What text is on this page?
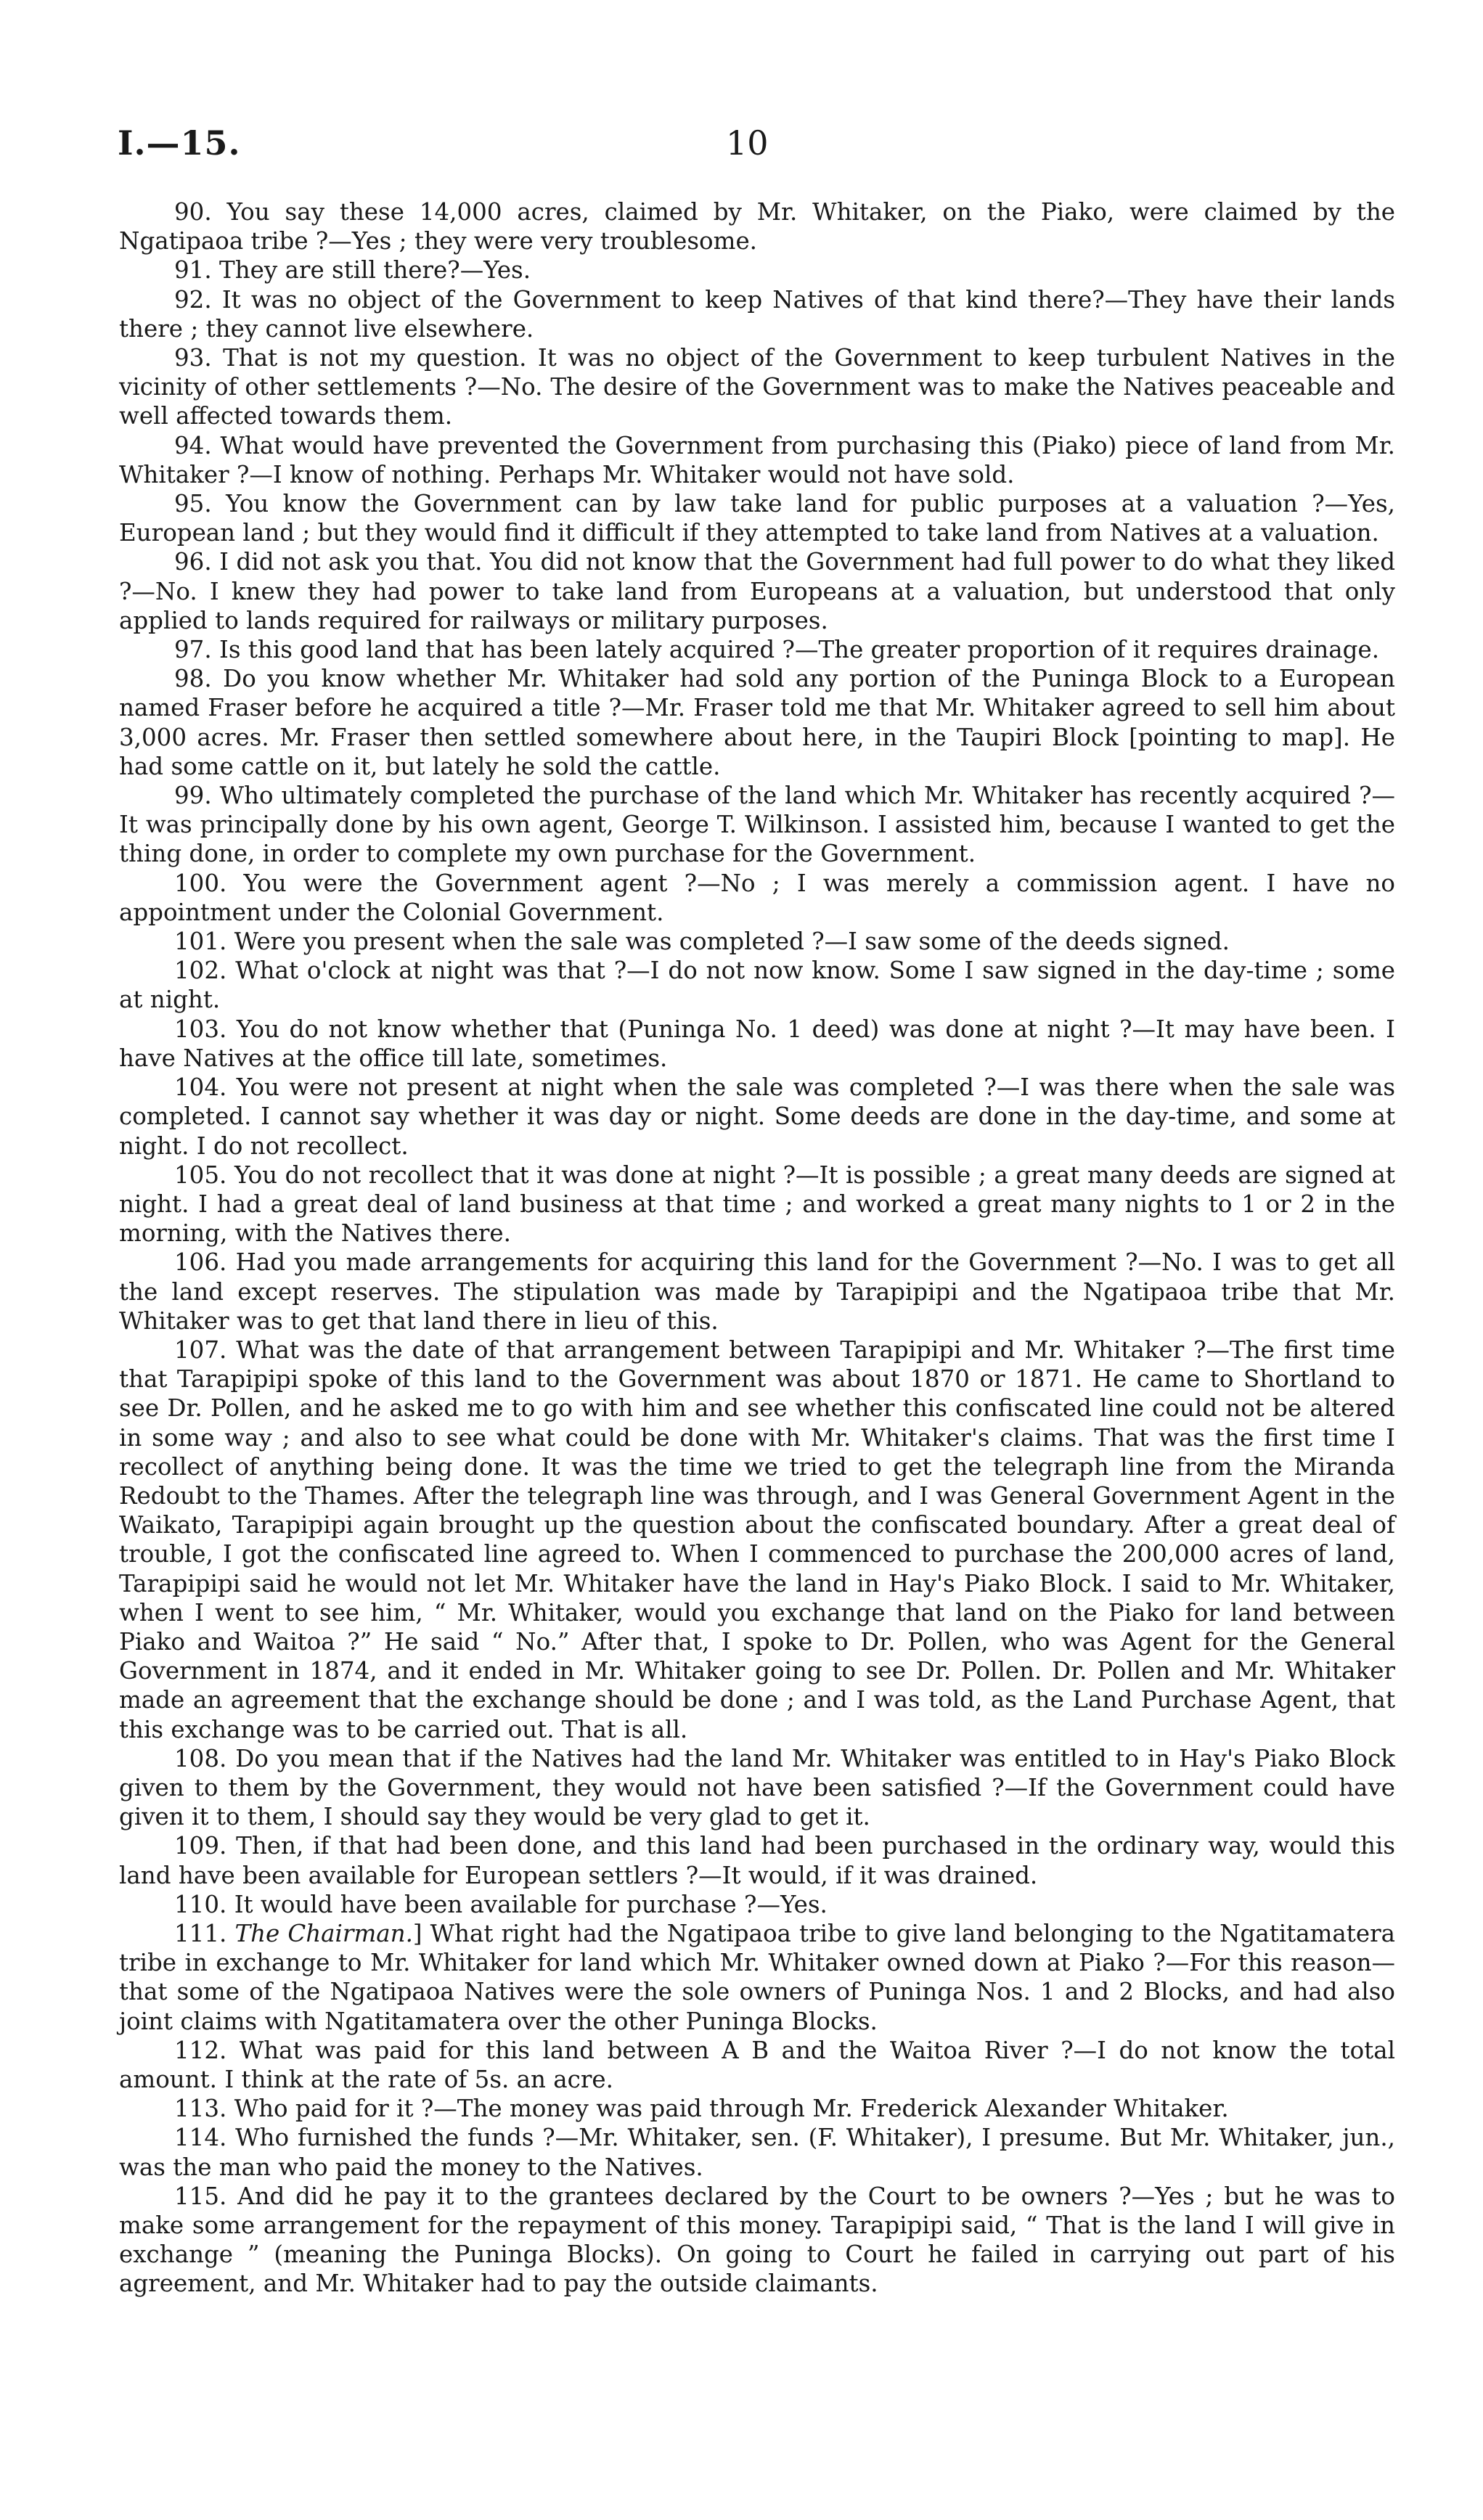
I.—15.	10

90. You say these 14,000 acres, claimed by Mr. Whitaker, on the Piako, were claimed by the Ngatipaoa tribe ?—Yes ; they were very troublesome.

91. They are still there?—Yes.

92. It was no object of the Government to keep Natives of that kind there?—They have their lands there ; they cannot live elsewhere.

93. That is not my question. It was no object of the Government to keep turbulent Natives in the vicinity of other settlements ?—No. The desire of the Government was to make the Natives peaceable and well affected towards them.

94. What would have prevented the Government from purchasing this (Piako) piece of land from Mr. Whitaker ?—I know of nothing. Perhaps Mr. Whitaker would not have sold.

95. You know the Government can by law take land for public purposes at a valuation ?—Yes, European land ; but they would find it difficult if they attempted to take land from Natives at a valuation.

96. I did not ask you that. You did not know that the Government had full power to do what they liked ?—No. I knew they had power to take land from Europeans at a valuation, but understood that only applied to lands required for railways or military purposes.

97. Is this good land that has been lately acquired ?—The greater proportion of it requires drainage.

98. Do you know whether Mr. Whitaker had sold any portion of the Puninga Block to a European named Fraser before he acquired a title ?—Mr. Fraser told me that Mr. Whitaker agreed to sell him about 3,000 acres. Mr. Fraser then settled somewhere about here, in the Taupiri Block [pointing to map]. He had some cattle on it, but lately he sold the cattle.

99. Who ultimately completed the purchase of the land which Mr. Whitaker has recently acquired ?—It was principally done by his own agent, George T. Wilkinson. I assisted him, because I wanted to get the thing done, in order to complete my own purchase for the Government.

100. You were the Government agent ?—No ; I was merely a commission agent. I have no appointment under the Colonial Government.

101. Were you present when the sale was completed ?—I saw some of the deeds signed.

102. What o'clock at night was that ?—I do not now know. Some I saw signed in the day-time ; some at night.

103. You do not know whether that (Puninga No. 1 deed) was done at night ?—It may have been. I have Natives at the office till late, sometimes.

104. You were not present at night when the sale was completed ?—I was there when the sale was completed. I cannot say whether it was day or night. Some deeds are done in the day-time, and some at night. I do not recollect.

105. You do not recollect that it was done at night ?—It is possible ; a great many deeds are signed at night. I had a great deal of land business at that time ; and worked a great many nights to 1 or 2 in the morning, with the Natives there.

106. Had you made arrangements for acquiring this land for the Government ?—No. I was to get all the land except reserves. The stipulation was made by Tarapipipi and the Ngatipaoa tribe that Mr. Whitaker was to get that land there in lieu of this.

107. What was the date of that arrangement between Tarapipipi and Mr. Whitaker ?—The first time that Tarapipipi spoke of this land to the Government was about 1870 or 1871. He came to Shortland to see Dr. Pollen, and he asked me to go with him and see whether this confiscated line could not be altered in some way ; and also to see what could be done with Mr. Whitaker's claims. That was the first time I recollect of anything being done. It was the time we tried to get the telegraph line from the Miranda Redoubt to the Thames. After the telegraph line was through, and I was General Government Agent in the Waikato, Tarapipipi again brought up the question about the confiscated boundary. After a great deal of trouble, I got the confiscated line agreed to. When I commenced to purchase the 200,000 acres of land, Tarapipipi said he would not let Mr. Whitaker have the land in Hay's Piako Block. I said to Mr. Whitaker, when I went to see him, “ Mr. Whitaker, would you exchange that land on the Piako for land between Piako and Waitoa ?” He said “ No.” After that, I spoke to Dr. Pollen, who was Agent for the General Government in 1874, and it ended in Mr. Whitaker going to see Dr. Pollen. Dr. Pollen and Mr. Whitaker made an agreement that the exchange should be done ; and I was told, as the Land Purchase Agent, that this exchange was to be carried out. That is all.

108. Do you mean that if the Natives had the land Mr. Whitaker was entitled to in Hay's Piako Block given to them by the Government, they would not have been satisfied ?—If the Government could have given it to them, I should say they would be very glad to get it.

109. Then, if that had been done, and this land had been purchased in the ordinary way, would this land have been available for European settlers ?—It would, if it was drained.

110. It would have been available for purchase ?—Yes.

111. The Chairman.] What right had the Ngatipaoa tribe to give land belonging to the Ngatitamatera tribe in exchange to Mr. Whitaker for land which Mr. Whitaker owned down at Piako ?—For this reason—that some of the Ngatipaoa Natives were the sole owners of Puninga Nos. 1 and 2 Blocks, and had also joint claims with Ngatitamatera over the other Puninga Blocks.

112. What was paid for this land between A B and the Waitoa River ?—I do not know the total amount. I think at the rate of 5s. an acre.

113. Who paid for it ?—The money was paid through Mr. Frederick Alexander Whitaker.

114. Who furnished the funds ?—Mr. Whitaker, sen. (F. Whitaker), I presume. But Mr. Whitaker, jun., was the man who paid the money to the Natives.

115. And did he pay it to the grantees declared by the Court to be owners ?—Yes ; but he was to make some arrangement for the repayment of this money. Tarapipipi said, “ That is the land I will give in exchange ” (meaning the Puninga Blocks). On going to Court he failed in carrying out part of his agreement, and Mr. Whitaker had to pay the outside claimants.
